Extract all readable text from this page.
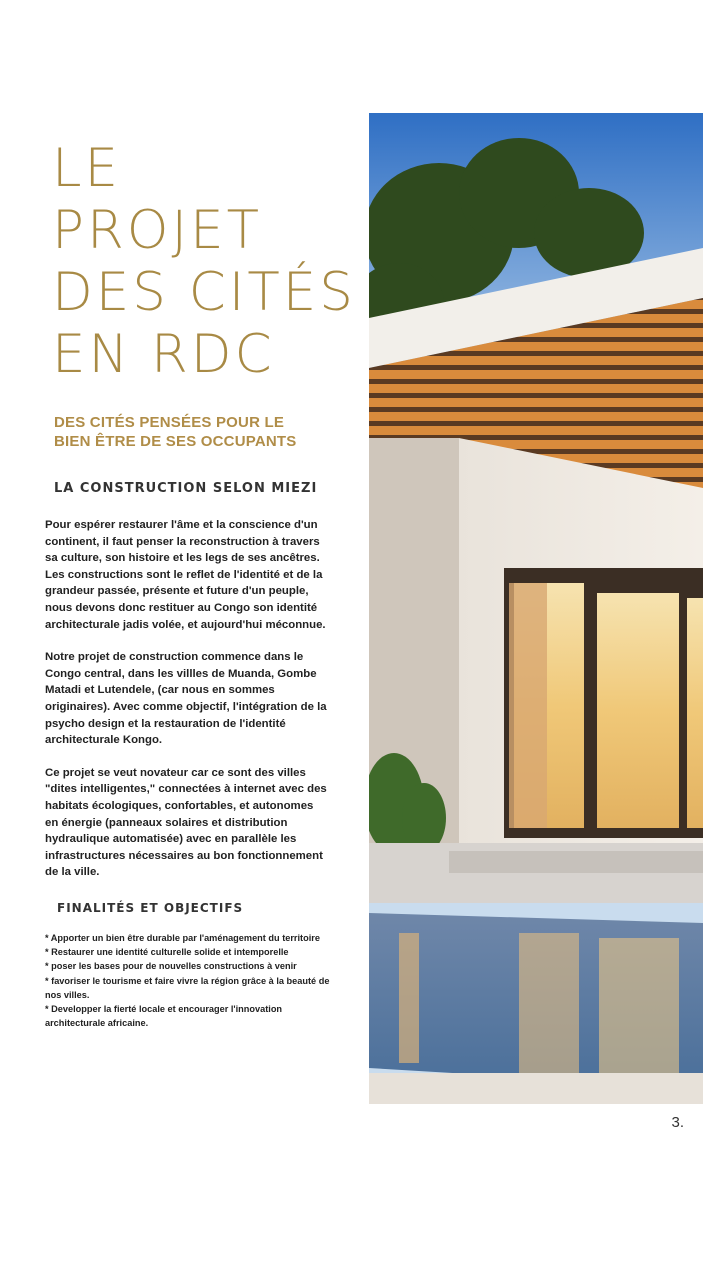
LE
PROJET
DES CITÉS
EN RDC
DES CITÉS PENSÉES POUR LE
BIEN ÊTRE DE SES OCCUPANTS
LA CONSTRUCTION SELON MIEZI

Pour espérer restaurer l'âme et la conscience d'un
continent, il faut penser la reconstruction à travers
sa culture, son histoire et les legs de ses ancêtres.
Les constructions sont le reflet de l'identité et de la
grandeur passée, présente et future d'un peuple,
nous devons donc restituer au Congo son identité
architecturale jadis volée, et aujourd'hui méconnue.

Notre projet de construction commence dans le
Congo central, dans les villles de Muanda, Gombe
Matadi et Lutendele, (car nous en sommes
originaires). Avec comme objectif, l'intégration de la
psycho design et la restauration de l'identité
architecturale Kongo.

Ce projet se veut novateur car ce sont des villes
"dites intelligentes," connectées à internet avec des
habitats écologiques, confortables, et autonomes
en énergie (panneaux solaires et distribution
hydraulique automatisée) avec en parallèle les
infrastructures nécessaires au bon fonctionnement
de la ville.

FINALITÉS ET OBJECTIFS
* Apporter un bien être durable par l'aménagement du territoire
* Restaurer une identité culturelle solide et intemporelle
* poser les bases pour de nouvelles constructions à venir
* favoriser le tourisme et faire vivre la région grâce à la beauté de
nos villes.
* Developper la fierté locale et encourager l'innovation
architecturale africaine.
3.
